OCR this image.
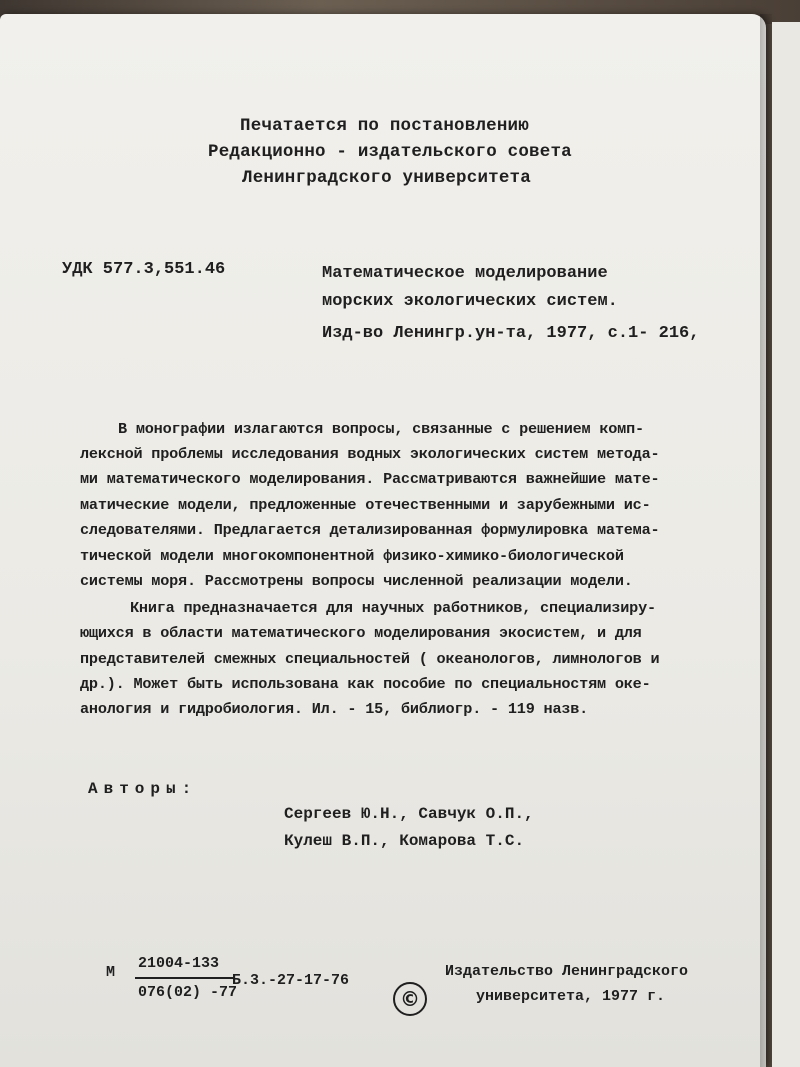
Печатается по постановлению
Редакционно - издательского совета
Ленинградского университета
УДК 577.3,551.46	Математическое моделирование
морских экологических систем.
Изд-во Ленингр.ун-та, 1977, с.1- 216,
В монографии излагаются вопросы, связанные с решением комп-
лексной проблемы исследования водных экологических систем метода-
ми математического моделирования. Рассматриваются важнейшие мате-
матические модели, предложенные отечественными и зарубежными ис-
следователями. Предлагается детализированная формулировка матема-
тической модели многокомпонентной физико-химико-биологической
системы моря. Рассмотрены вопросы численной реализации модели.
Книга предназначается для научных работников, специализиру-
ющихся в области математического моделирования экосистем, и для
представителей смежных специальностей ( океанологов, лимнологов и
др.). Может быть использована как пособие по специальностям оке-
анология и гидробиология. Ил. - 15, библиогр. - 119 назв.
Авторы:
Сергеев Ю.Н., Савчук О.П.,
Кулеш В.П., Комарова Т.С.
М
21004-133
076(02) -77
Б.3.-27-17-76
©
Издательство Ленинградского
университета, 1977 г.
